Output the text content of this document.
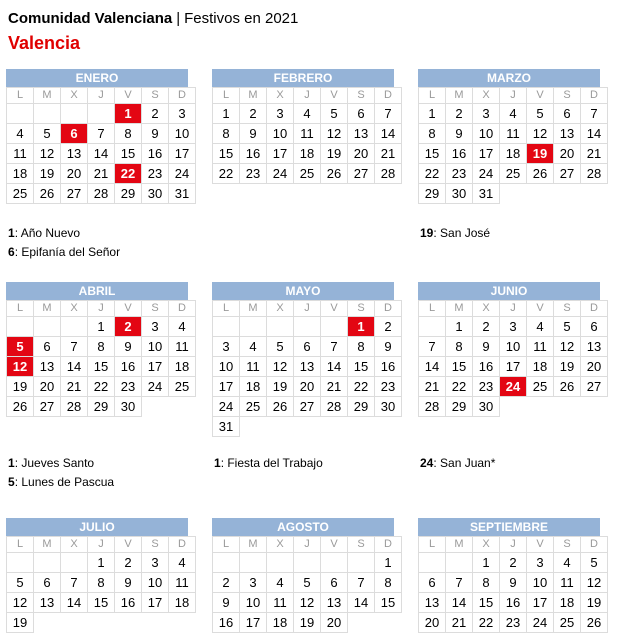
Comunidad Valenciana | Festivos en 2021
Valencia
ENERO
L	M	X	J	V	S	D
				1	2	3
4	5	6	7	8	9	10
11	12	13	14	15	16	17
18	19	20	21	22	23	24
25	26	27	28	29	30	31
FEBRERO
L	M	X	J	V	S	D
1	2	3	4	5	6	7
8	9	10	11	12	13	14
15	16	17	18	19	20	21
22	23	24	25	26	27	28
MARZO
L	M	X	J	V	S	D
1	2	3	4	5	6	7
8	9	10	11	12	13	14
15	16	17	18	19	20	21
22	23	24	25	26	27	28
29	30	31				
ABRIL
L	M	X	J	V	S	D
			1	2	3	4
5	6	7	8	9	10	11
12	13	14	15	16	17	18
19	20	21	22	23	24	25
26	27	28	29	30		
MAYO
L	M	X	J	V	S	D
					1	2
3	4	5	6	7	8	9
10	11	12	13	14	15	16
17	18	19	20	21	22	23
24	25	26	27	28	29	30
31						
JUNIO
L	M	X	J	V	S	D
	1	2	3	4	5	6
7	8	9	10	11	12	13
14	15	16	17	18	19	20
21	22	23	24	25	26	27
28	29	30				
JULIO
L	M	X	J	V	S	D
			1	2	3	4
5	6	7	8	9	10	11
12	13	14	15	16	17	18
19						
AGOSTO
L	M	X	J	V	S	D
						1
2	3	4	5	6	7	8
9	10	11	12	13	14	15
16	17	18	19	20		
SEPTIEMBRE
L	M	X	J	V	S	D
		1	2	3	4	5
6	7	8	9	10	11	12
13	14	15	16	17	18	19
20	21	22	23	24	25	26
1: Año Nuevo
6: Epifanía del Señor
19: San José
1: Jueves Santo
5: Lunes de Pascua
1: Fiesta del Trabajo	24: San Juan*
